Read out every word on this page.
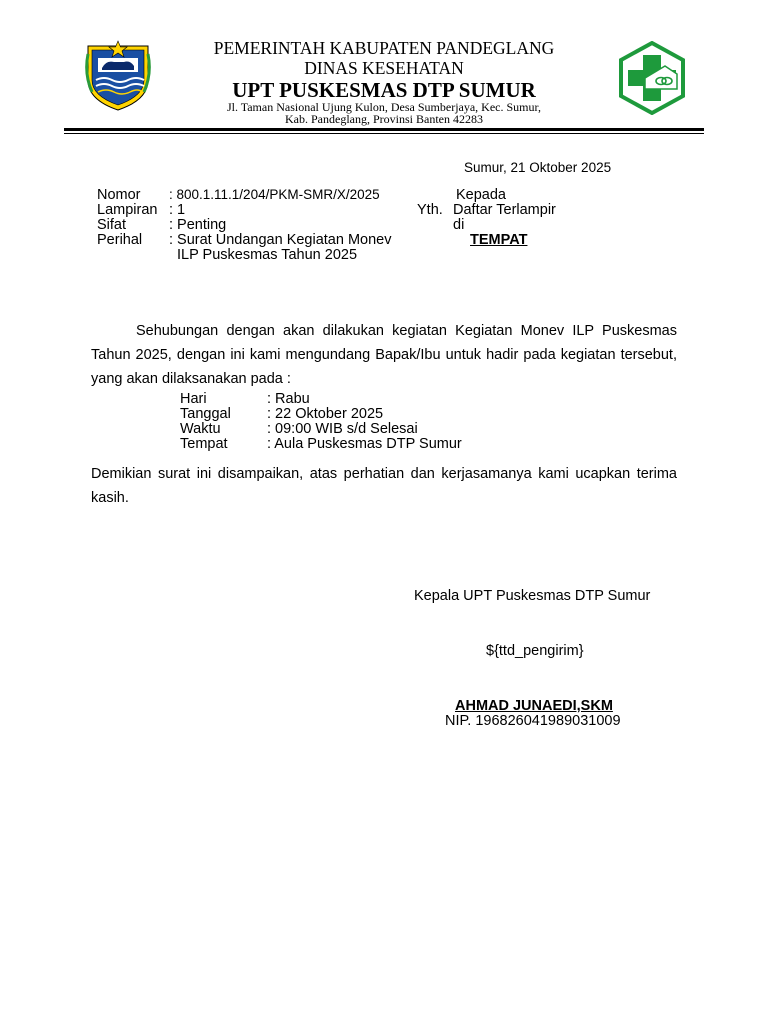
PEMERINTAH KABUPATEN PANDEGLANG
DINAS KESEHATAN
UPT PUSKESMAS DTP SUMUR
Jl. Taman Nasional Ujung Kulon, Desa Sumberjaya, Kec. Sumur,
Kab. Pandeglang, Provinsi Banten 42283
Sumur, 21 Oktober 2025
Nomor : 800.1.11.1/204/PKM-SMR/X/2025
Lampiran : 1
Sifat	: Penting
Perihal : Surat Undangan Kegiatan Monev
ILP Puskesmas Tahun 2025
Kepada
Yth. Daftar Terlampir
di
TEMPAT
Sehubungan dengan akan dilakukan kegiatan Kegiatan Monev ILP Puskesmas Tahun 2025, dengan ini kami mengundang Bapak/Ibu untuk hadir pada kegiatan tersebut, yang akan dilaksanakan pada :
Hari	: Rabu
Tanggal : 22 Oktober 2025
Waktu	: 09:00 WIB s/d Selesai
Tempat	: Aula Puskesmas DTP Sumur
Demikian surat ini disampaikan, atas perhatian dan kerjasamanya kami ucapkan terima kasih.
Kepala UPT Puskesmas DTP Sumur
${ttd_pengirim}
AHMAD JUNAEDI,SKM
NIP. 196826041989031009
